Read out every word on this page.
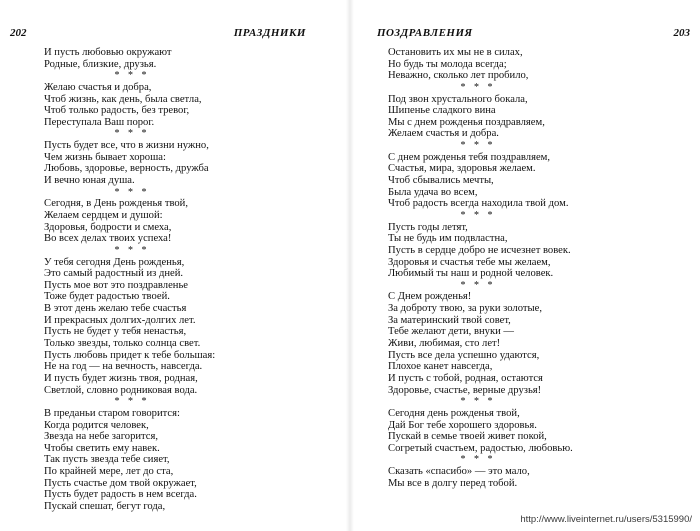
202	ПРАЗДНИКИ
И пусть любовью окружают
Родные, близкие, друзья.
* * *
Желаю счастья и добра,
Чтоб жизнь, как день, была светла,
Чтоб только радость, без тревог,
Переступала Ваш порог.
* * *
Пусть будет все, что в жизни нужно,
Чем жизнь бывает хороша:
Любовь, здоровье, верность, дружба
И вечно юная душа.
* * *
Сегодня, в День рожденья твой,
Желаем сердцем и душой:
Здоровья, бодрости и смеха,
Во всех делах твоих успеха!
* * *
У тебя сегодня День рожденья,
Это самый радостный из дней.
Пусть мое вот это поздравленье
Тоже будет радостью твоей.
В этот день желаю тебе счастья
И прекрасных долгих-долгих лет.
Пусть не будет у тебя ненастья,
Только звезды, только солнца свет.
Пусть любовь придет к тебе большая:
Не на год — на вечность, навсегда.
И пусть будет жизнь твоя, родная,
Светлой, словно родниковая вода.
* * *
В преданьи старом говорится:
Когда родится человек,
Звезда на небе загорится,
Чтобы светить ему навек.
Так пусть звезда тебе сияет,
По крайней мере, лет до ста,
Пусть счастье дом твой окружает,
Пусть будет радость в нем всегда.
Пускай спешат, бегут года,
ПОЗДРАВЛЕНИЯ	203
Остановить их мы не в силах,
Но будь ты молода всегда;
Неважно, сколько лет пробило,
* * *
Под звон хрустального бокала,
Шипенье сладкого вина
Мы с днем рожденья поздравляем,
Желаем счастья и добра.
* * *
С днем рожденья тебя поздравляем,
Счастья, мира, здоровья желаем.
Чтоб сбывались мечты,
Была удача во всем,
Чтоб радость всегда находила твой дом.
* * *
Пусть годы летят,
Ты не будь им подвластна,
Пусть в сердце добро не исчезнет вовек.
Здоровья и счастья тебе мы желаем,
Любимый ты наш и родной человек.
* * *
С Днем рожденья!
За доброту твою, за руки золотые,
За материнский твой совет,
Тебе желают дети, внуки —
Живи, любимая, сто лет!
Пусть все дела успешно удаются,
Плохое канет навсегда,
И пусть с тобой, родная, остаются
Здоровье, счастье, верные друзья!
* * *
Сегодня день рожденья твой,
Дай Бог тебе хорошего здоровья.
Пускай в семье твоей живет покой,
Согретый счастьем, радостью, любовью.
* * *
Сказать «спасибо» — это мало,
Мы все в долгу перед тобой.
http://www.liveinternet.ru/users/5315990/
